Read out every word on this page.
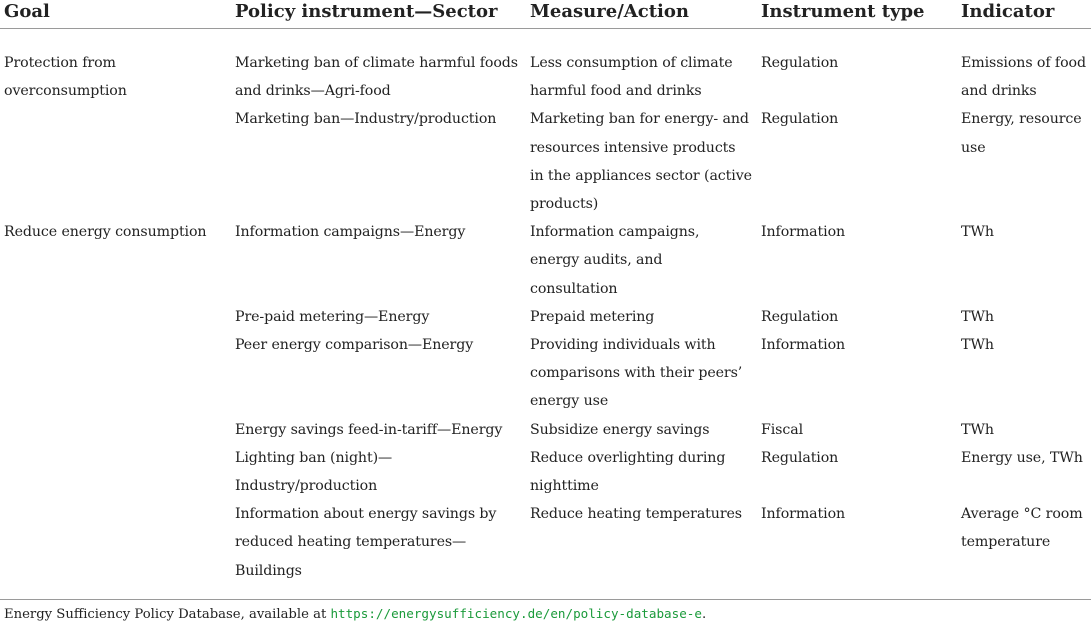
Goal	Policy instrument—Sector	Measure/Action	Instrument type	Indicator

Protection from overconsumption	Marketing ban of climate harmful foods and drinks—Agri-food	Less consumption of climate harmful food and drinks	Regulation	Emissions of food and drinks
	Marketing ban—Industry/production	Marketing ban for energy- and resources intensive products in the appliances sector (active products)	Regulation	Energy, resource use
Reduce energy consumption	Information campaigns—Energy	Information campaigns, energy audits, and consultation	Information	TWh
	Pre-paid metering—Energy	Prepaid metering	Regulation	TWh
	Peer energy comparison—Energy	Providing individuals with comparisons with their peers’ energy use	Information	TWh
	Energy savings feed-in-tariff—Energy	Subsidize energy savings	Fiscal	TWh
	Lighting ban (night)—Industry/production	Reduce overlighting during nighttime	Regulation	Energy use, TWh
	Information about energy savings by reduced heating temperatures—Buildings	Reduce heating temperatures	Information	Average °C room temperature
Energy Sufficiency Policy Database, available at https://energysufficiency.de/en/policy-database-e.
